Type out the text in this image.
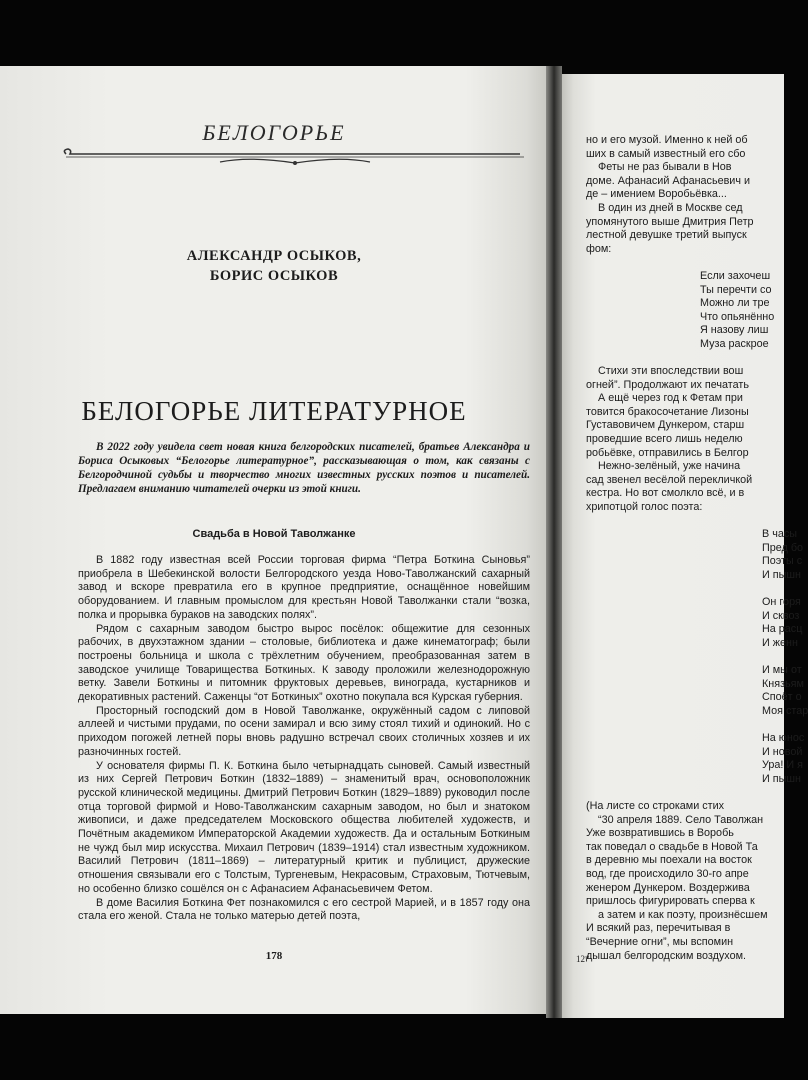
БЕЛОГОРЬЕ
АЛЕКСАНДР ОСЫКОВ,
БОРИС ОСЫКОВ
БЕЛОГОРЬЕ ЛИТЕРАТУРНОЕ
В 2022 году увидела свет новая книга белгородских писателей, братьев Александра и Бориса Осыковых “Белогорье литературное”, рассказывающая о том, как связаны с Белгородчиной судьбы и творчество многих известных русских поэтов и писателей. Предлагаем вниманию читателей очерки из этой книги.
Свадьба в Новой Таволжанке

В 1882 году известная всей России торговая фирма “Петра Боткина Сыновья” приобрела в Шебекинской волости Белгородского уезда Ново-Таволжанский сахарный завод и вскоре превратила его в крупное предприятие, оснащённое новейшим оборудованием. И главным промыслом для крестьян Новой Таволжанки стали “возка, полка и прорывка бураков на заводских полях”.

Рядом с сахарным заводом быстро вырос посёлок: общежитие для сезонных рабочих, в двухэтажном здании – столовые, библиотека и даже кинематограф; были построены больница и школа с трёхлетним обучением, преобразованная затем в заводское училище Товарищества Боткиных. К заводу проложили железнодорожную ветку. Завели Боткины и питомник фруктовых деревьев, винограда, кустарников и декоративных растений. Саженцы “от Боткиных” охотно покупала вся Курская губерния.

Просторный господский дом в Новой Таволжанке, окружённый садом с липовой аллеей и чистыми прудами, по осени замирал и всю зиму стоял тихий и одинокий. Но с приходом погожей летней поры вновь радушно встречал своих столичных хозяев и их разночинных гостей.

У основателя фирмы П. К. Боткина было четырнадцать сыновей. Самый известный из них Сергей Петрович Боткин (1832–1889) – знаменитый врач, основоположник русской клинической медицины. Дмитрий Петрович Боткин (1829–1889) руководил после отца торговой фирмой и Ново-Таволжанским сахарным заводом, но был и знатоком живописи, и даже председателем Московского общества любителей художеств, и Почётным академиком Императорской Академии художеств. Да и остальным Боткиным не чужд был мир искусства. Михаил Петрович (1839–1914) стал известным художником. Василий Петрович (1811–1869) – литературный критик и публицист, дружеские отношения связывали его с Толстым, Тургеневым, Некрасовым, Страховым, Тютчевым, но особенно близко сошёлся он с Афанасием Афанасьевичем Фетом.

В доме Василия Боткина Фет познакомился с его сестрой Марией, и в 1857 году она стала его женой. Стала не только матерью детей поэта,

178
но и его музой. Именно к ней об
ших в самый известный его сбо
Феты не раз бывали в Нов
доме. Афанасий Афанасьевич и
де – имением Воробьёвка...
В один из дней в Москве сед
упомянутого выше Дмитрия Петр
лестной девушке третий выпуск
фом:
Если захочеш
Ты перечти со
Можно ли тре
Что опьянённо
Я назову лиш
Муза раскрое
Стихи эти впоследствии вош
огней”. Продолжают их печатать
А ещё через год к Фетам при
товится бракосочетание Лизоны
Густавовичем Дункером, старш
проведшие всего лишь неделю
робьёвке, отправились в Белгор
Нежно-зелёный, уже начина
сад звенел весёлой перекличкой
кестра. Но вот смолкло всё, и в
хрипотцой голос поэта:
В часы
Пред бо
Поэты с
И пышн
Он горя
И сквоз
На расц
И женн
И мы от
Князьям
Споёт о
Моя стар
На юнос
И новой
Ура! И я
И пышн
(На листе со строками стих
“30 апреля 1889. Село Таволжан
Уже возвратившись в Воробь
так поведал о свадьбе в Новой Та
в деревню мы поехали на восток
вод, где происходило 30-го апре
женером Дункером. Воздержива
пришлось фигурировать сперва к
а затем и как поэту, произнёсшем
И всякий раз, перечитывая в
“Вечерние огни”, мы вспомин
дышал белгородским воздухом.
12*
